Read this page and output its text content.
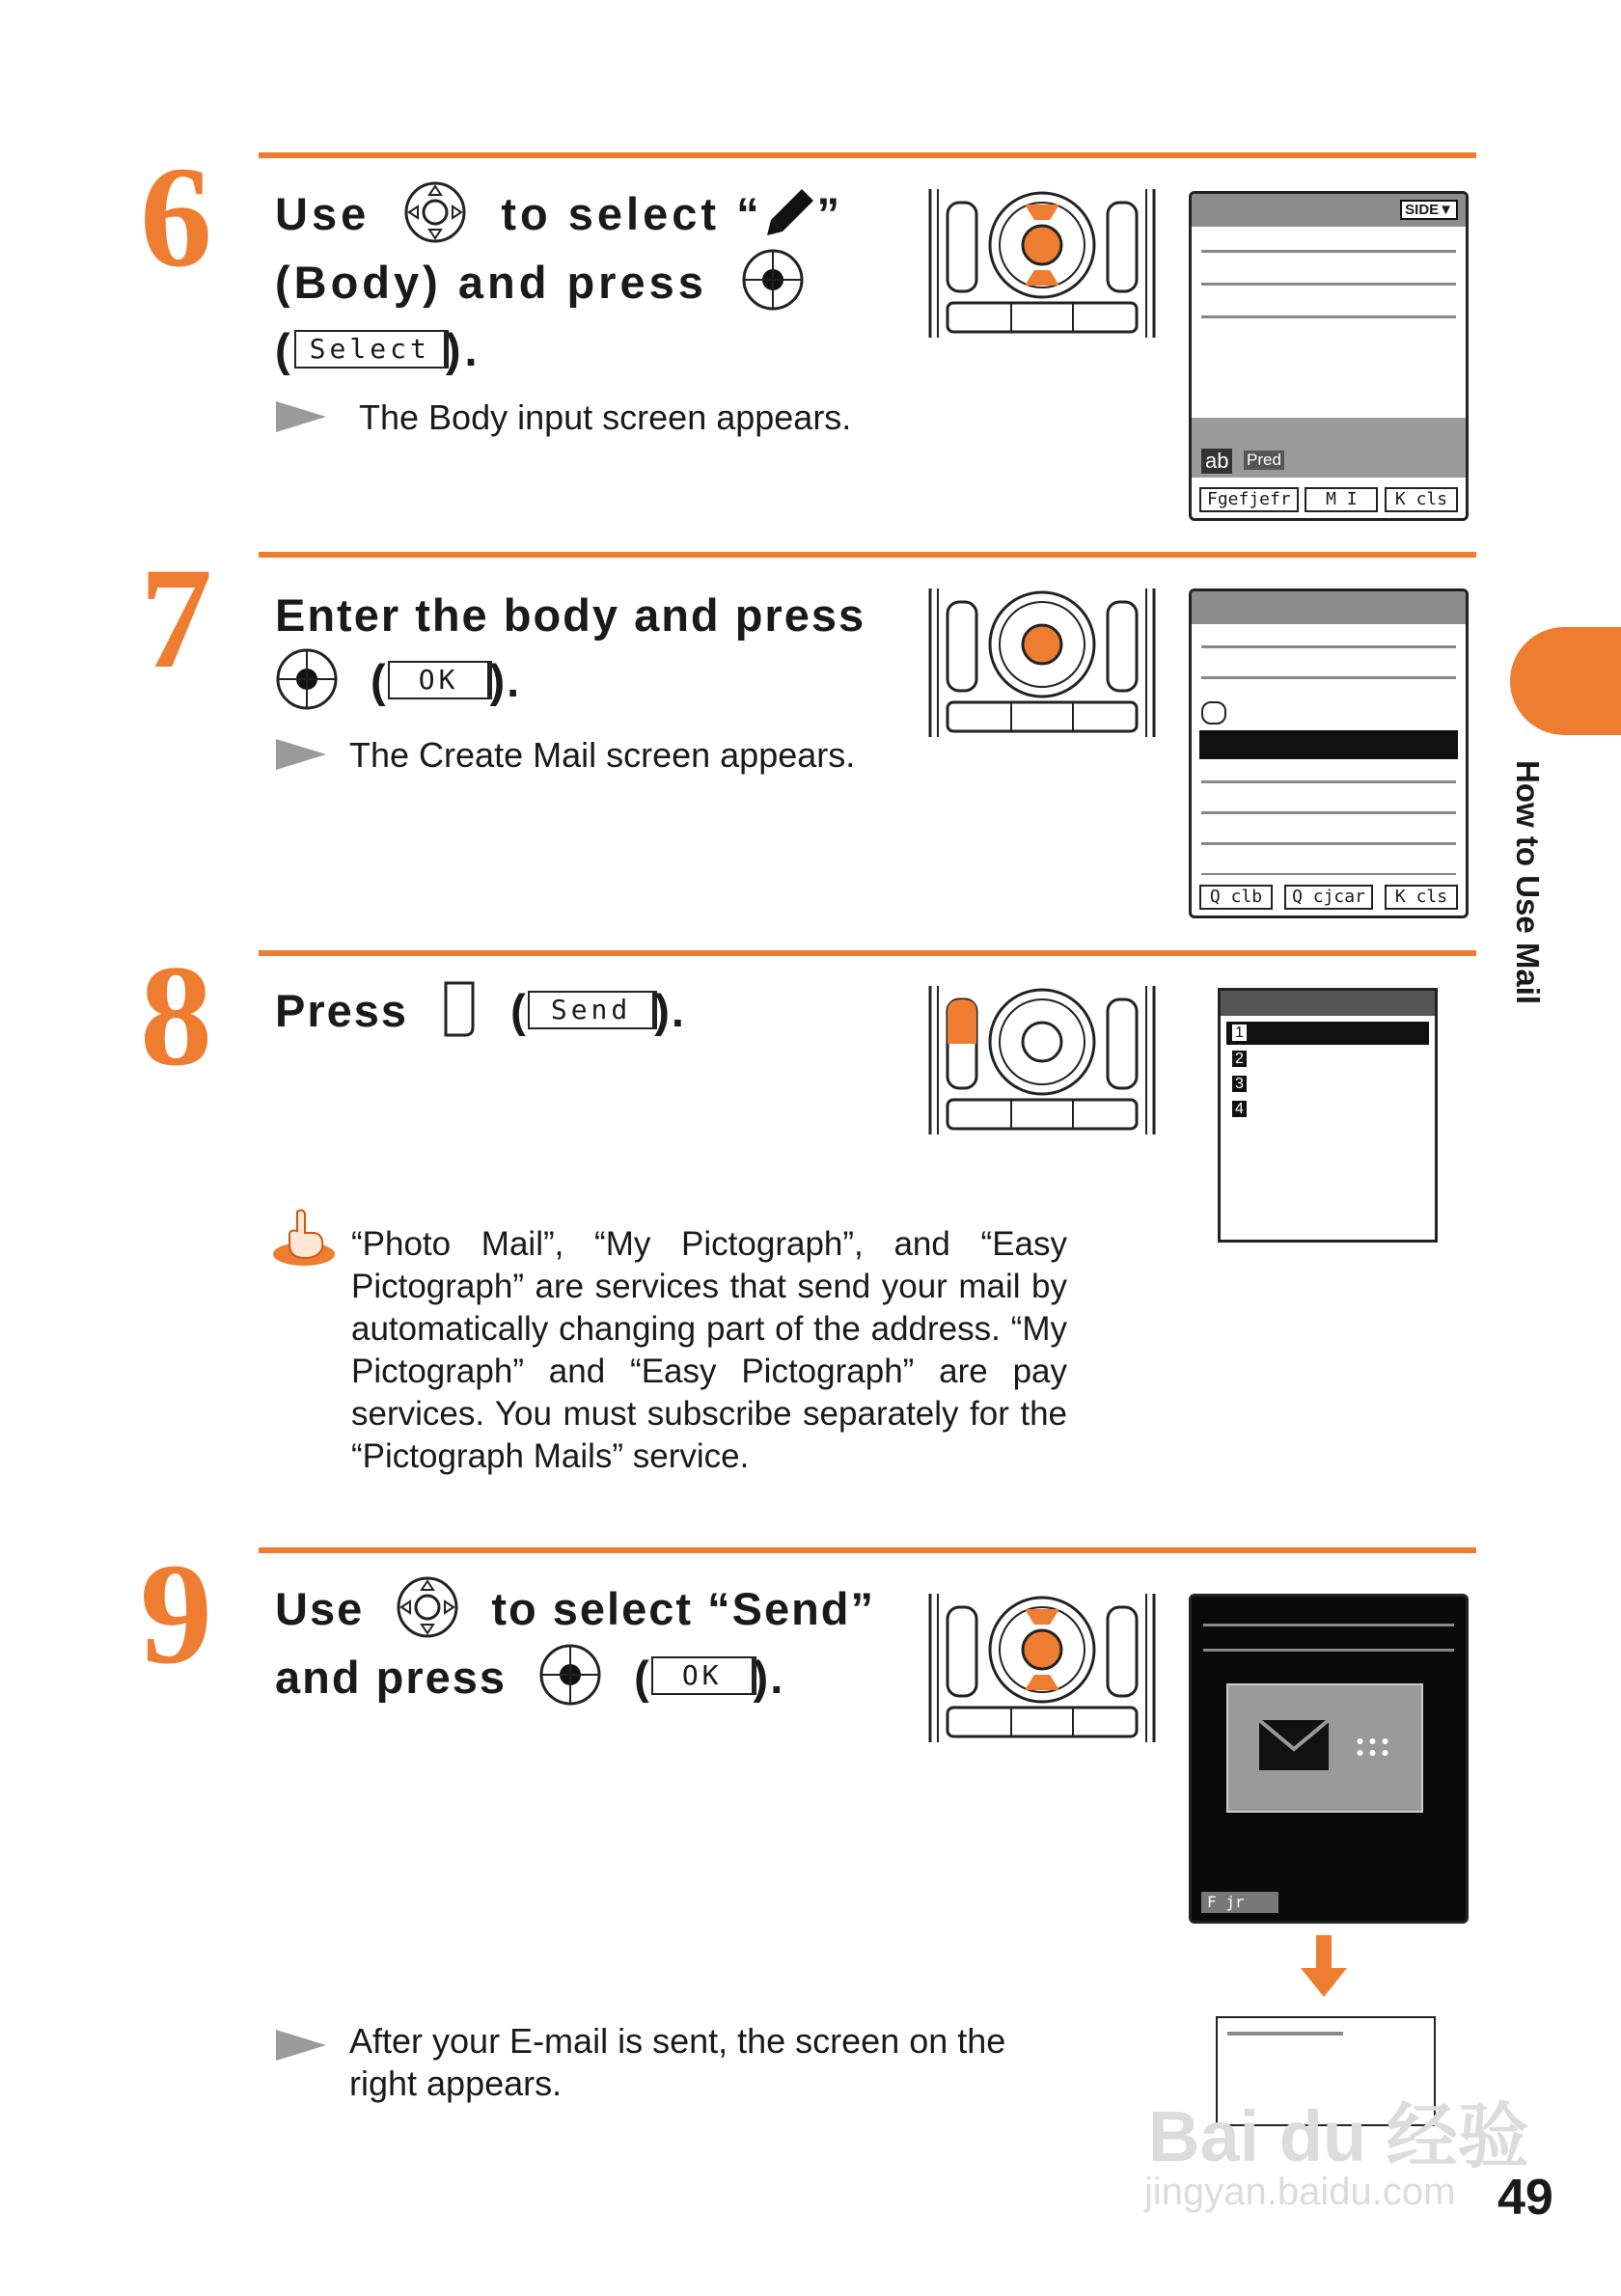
6 Use	to select “ ”
(Body) and press
( Select ).
The Body input screen appears.
SIDE▼
ab Pred
Fgefjefr	M I	K cls
7 Enter the body and press
( OK ).
The Create Mail screen appears.
Q clb	Q cjcar	K cls
8 Press  ( Send ).	1
2
3
4
“Photo Mail”, “My Pictograph”, and “Easy Pictograph” are services that send your mail by automatically changing part of the address. “My Pictograph” and “Easy Pictograph” are pay services. You must subscribe separately for the “Pictograph Mails” service.
9 Use	to select “Send”
and press  ( OK ).
F jr
After your E-mail is sent, the screen on the right appears.
How to Use Mail
Bai du 经验
jingyan.baidu.com 49
